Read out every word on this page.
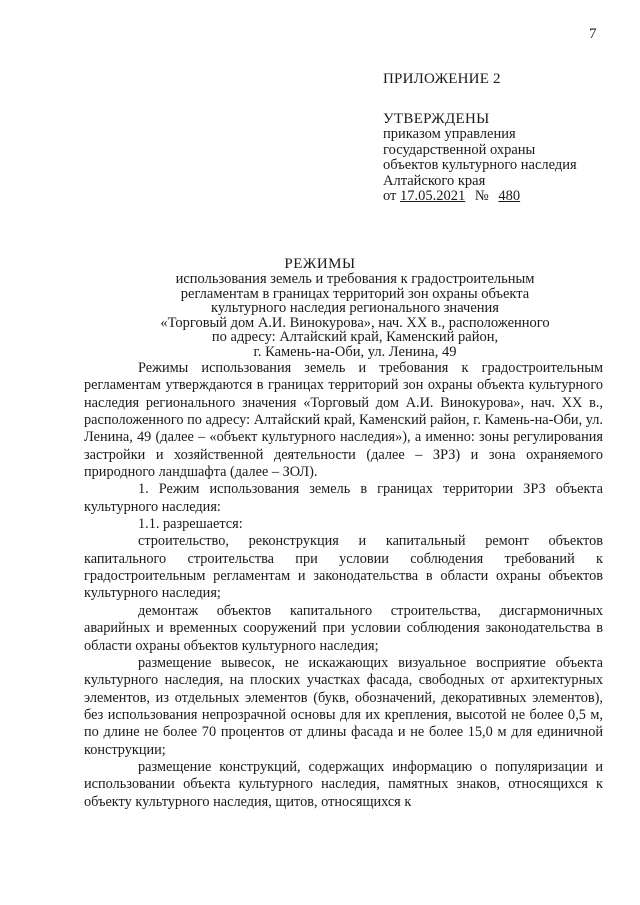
7
ПРИЛОЖЕНИЕ 2
УТВЕРЖДЕНЫ
приказом управления
государственной охраны
объектов культурного наследия
Алтайского края
от 17.05.2021 № 480
РЕЖИМЫ
использования земель и требования к градостроительным
регламентам в границах территорий зон охраны объекта
культурного наследия регионального значения
«Торговый дом А.И. Винокурова», нач. XX в., расположенного
по адресу: Алтайский край, Каменский район,
г. Камень-на-Оби, ул. Ленина, 49

Режимы использования земель и требования к градостроительным регламентам утверждаются в границах территорий зон охраны объекта культурного наследия регионального значения «Торговый дом А.И. Винокурова», нач. XX в., расположенного по адресу: Алтайский край, Каменский район, г. Камень-на-Оби, ул. Ленина, 49 (далее – «объект культурного наследия»), а именно: зоны регулирования застройки и хозяйственной деятельности (далее – ЗРЗ) и зона охраняемого природного ландшафта (далее – ЗОЛ).

1. Режим использования земель в границах территории ЗРЗ объекта культурного наследия:

1.1. разрешается:

строительство, реконструкция и капитальный ремонт объектов капитального строительства при условии соблюдения требований к градостроительным регламентам и законодательства в области охраны объектов культурного наследия;

демонтаж объектов капитального строительства, дисгармоничных аварийных и временных сооружений при условии соблюдения законодательства в области охраны объектов культурного наследия;

размещение вывесок, не искажающих визуальное восприятие объекта культурного наследия, на плоских участках фасада, свободных от архитектурных элементов, из отдельных элементов (букв, обозначений, декоративных элементов), без использования непрозрачной основы для их крепления, высотой не более 0,5 м, по длине не более 70 процентов от длины фасада и не более 15,0 м для единичной конструкции;

размещение конструкций, содержащих информацию о популяризации и использовании объекта культурного наследия, памятных знаков, относящихся к объекту культурного наследия, щитов, относящихся к
